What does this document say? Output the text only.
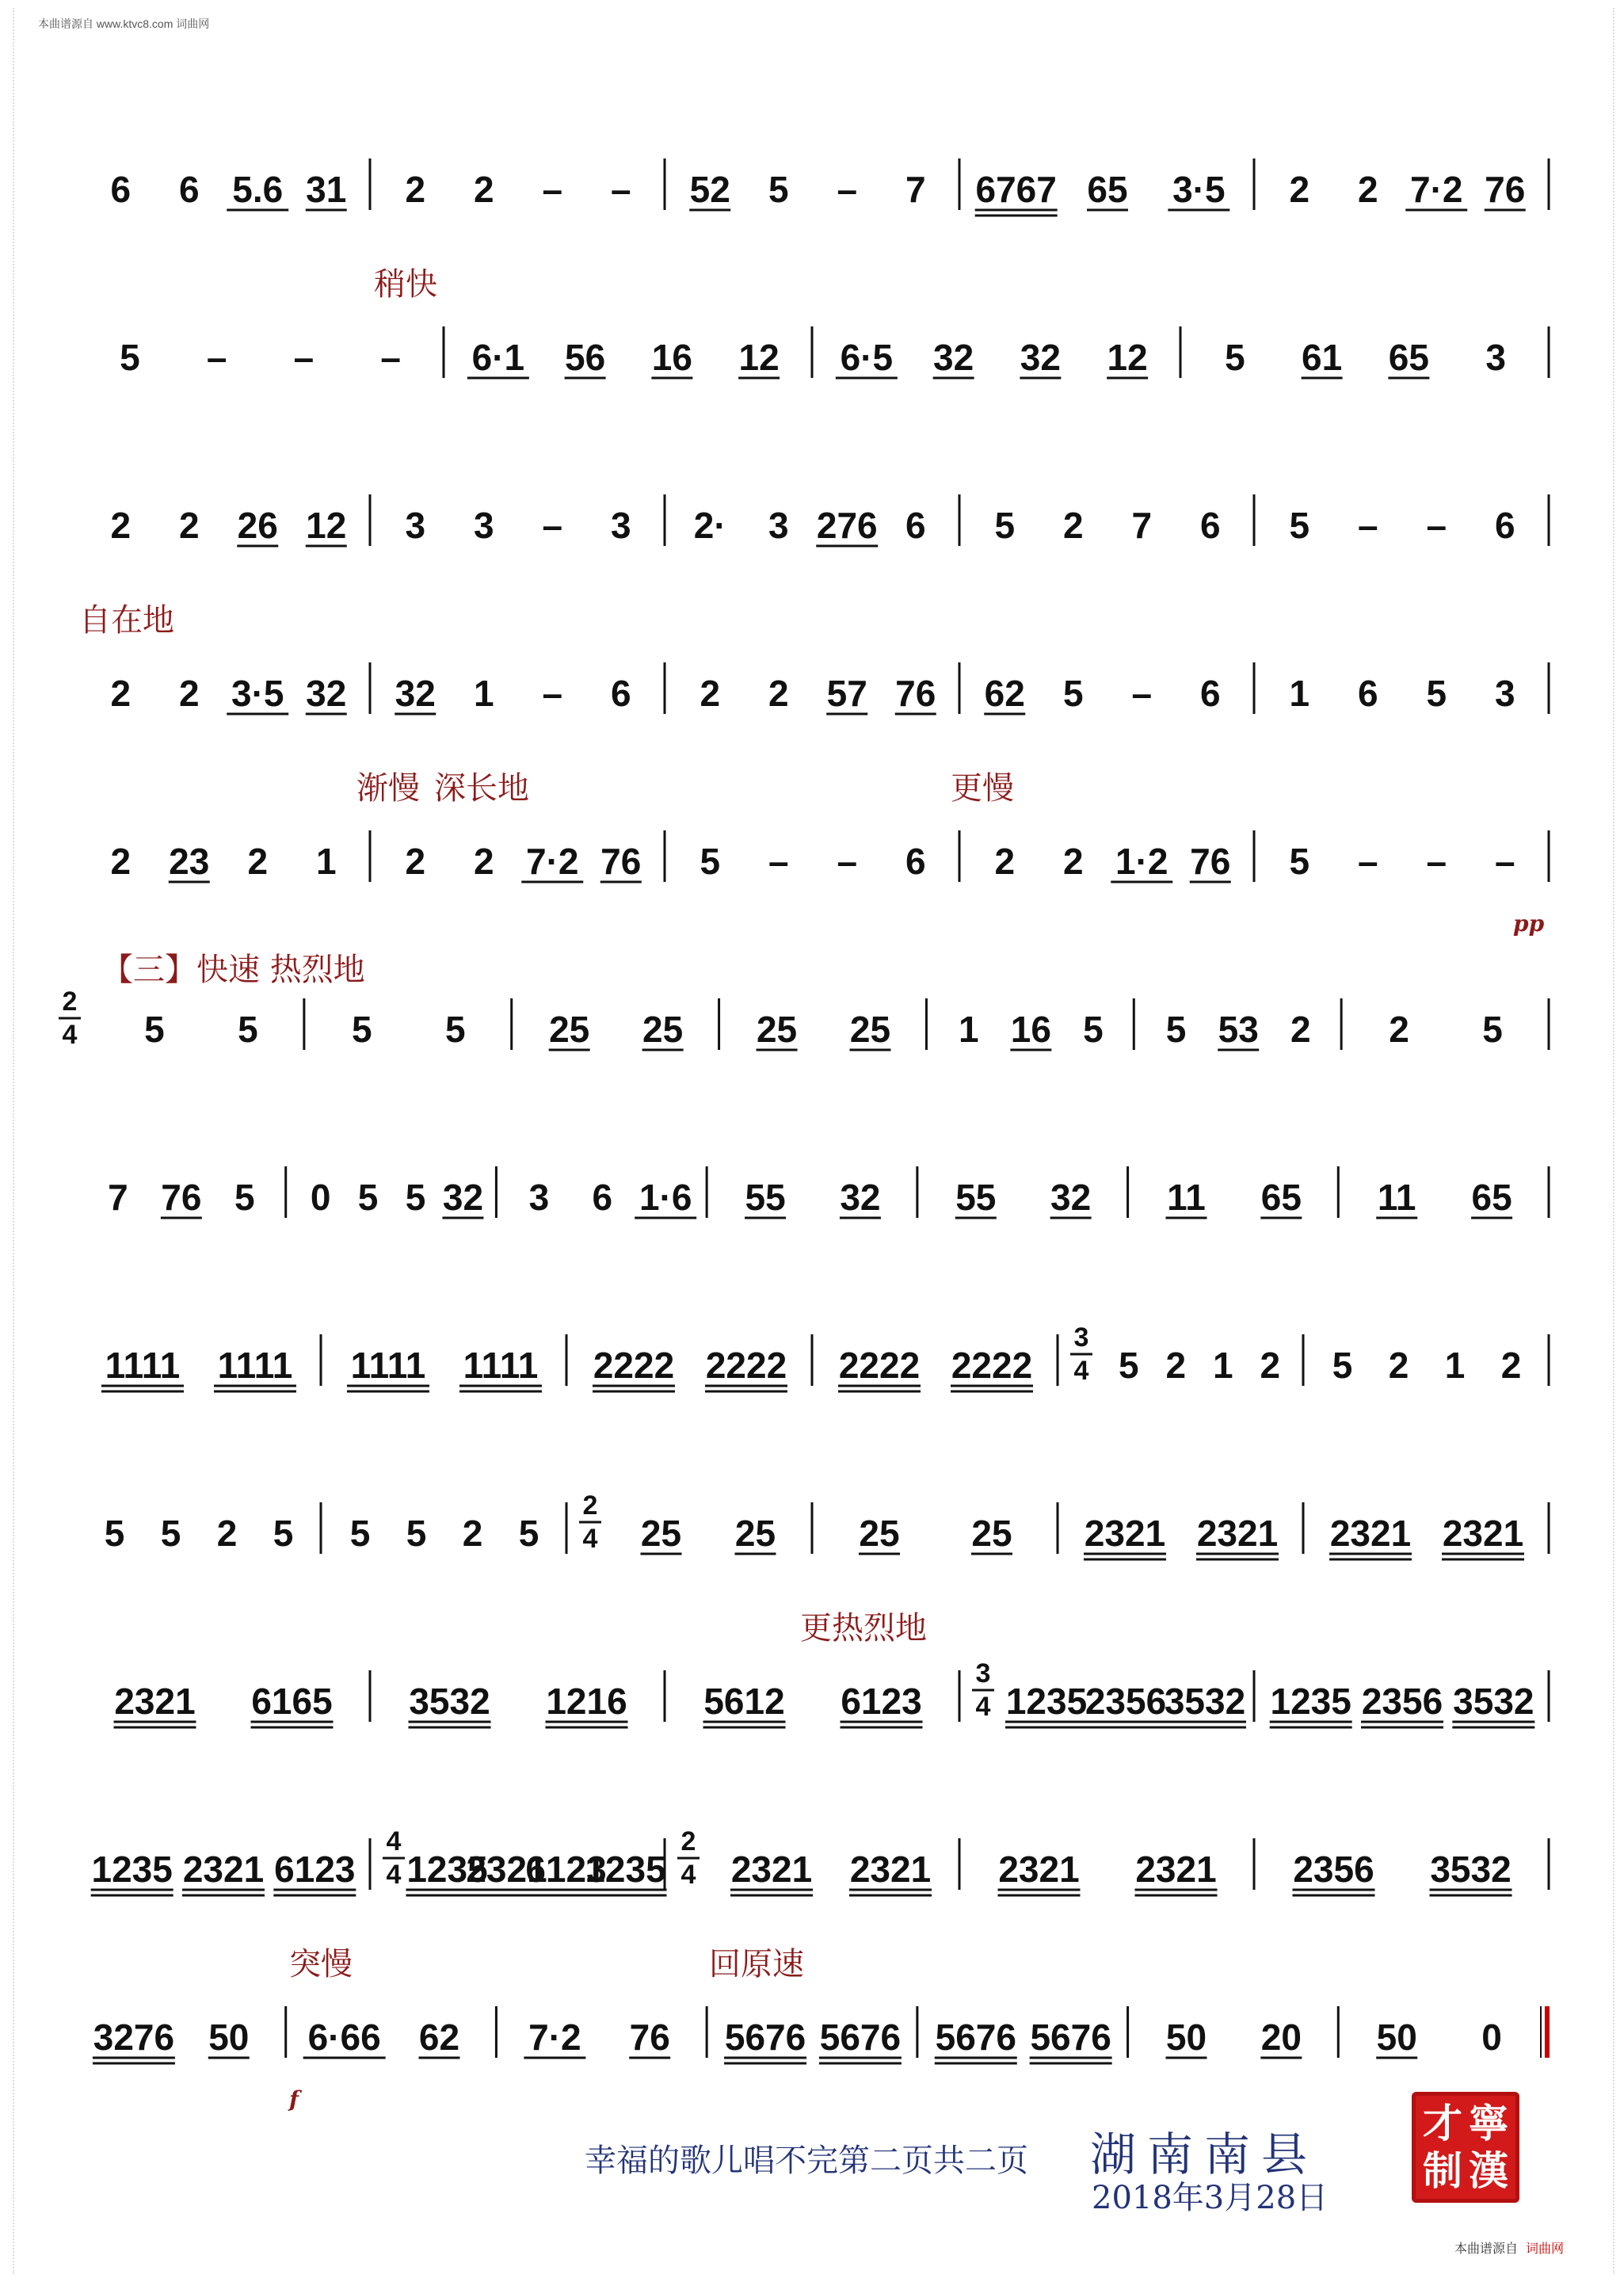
本曲谱源自 www.ktvc8.com 词曲网
6 6 5.6 31 2 2 – – 52 5 – 7 6767 65 3·5 2 2 7·2 76
稍快
5 – – – 6·1 56 16 12 6·5 32 32 12 5 61 65 3
2 2 26 12 3 3 – 3 2· 3 276 6 5 2 7 6 5 – – 6
自在地
2 2 3·5 32 32 1 – 6 2 2 57 76 62 5 – 6 1 6 5 3
渐慢 深长地	更慢
2 23 2 1 2 2 7·2 76 5 – – 6 2 2 1·2 76 5 – – –
pp
【三】快速 热烈地
2
4 5 5	5 5 25 25 25 25 1 16 5 5 53 2 2 5
7 76 5 0 5 5 32 3 6 1·6 55 32 55 32 11 65 11 65
1111 1111 1111 1111 2222 2222 2222 2222
3
4 5 2 1 2 5 2 1 2
5 5 2 5 5 5 2 5
2
4 25 25 25 25 2321 2321 2321 2321
更热烈地
2321 6165 3532 1216 5612 6123
3
4 1235
2356
3532 1235 2356 3532
1235 2321 6123
4
4 1235
2321
6123
1235
2
4 2321 2321 2321 2321 2356 3532
突慢	回原速
3276 50 6·66 62 7·2 76 5676 5676 5676 5676 50 20 50 0
f
幸福的歌儿唱不完第二页共二页 湖南南县
2018年3月28日
才 寧
制 漢
本曲谱源自 词曲网
